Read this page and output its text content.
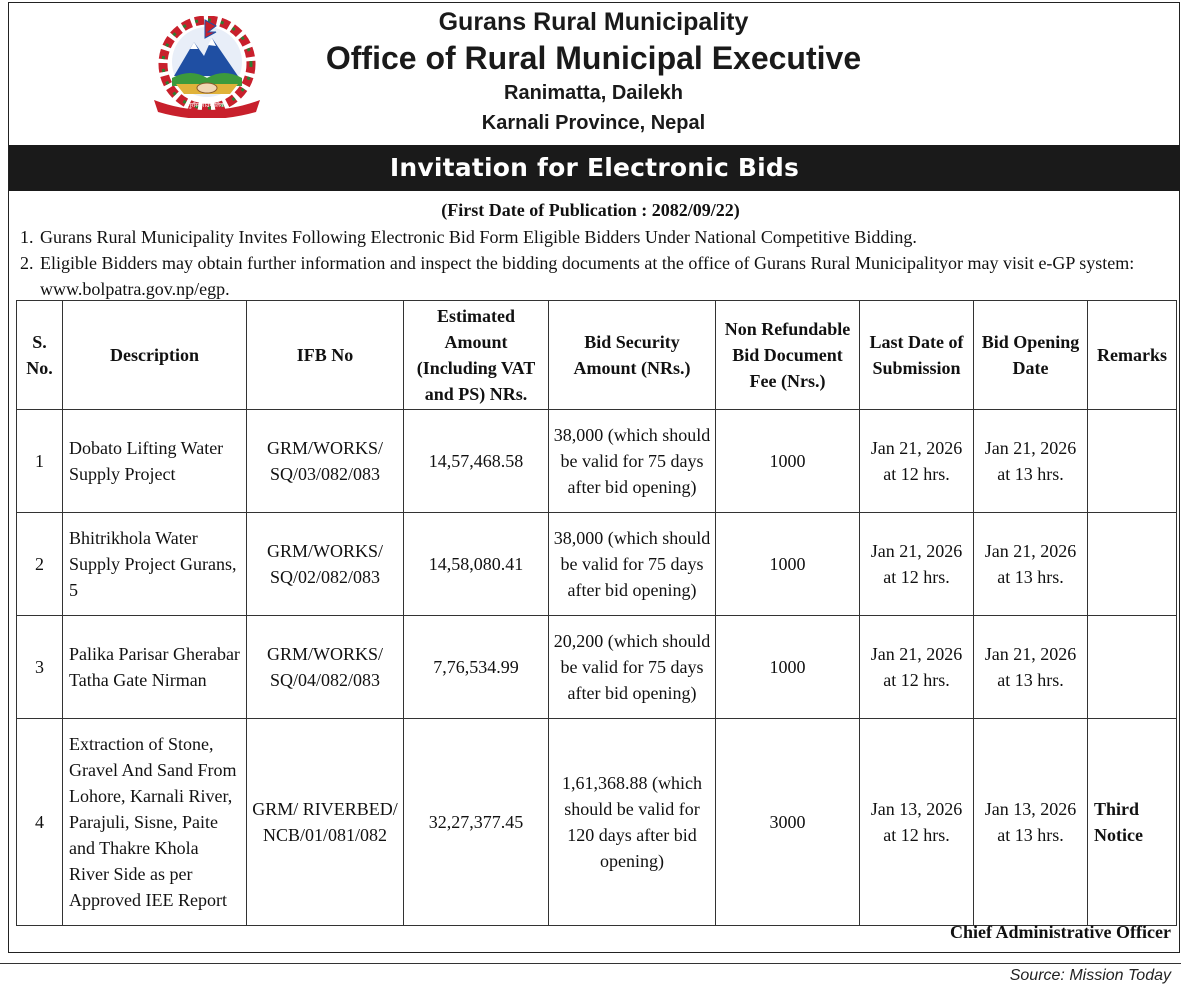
गुराँस गाउँपालिका
Gurans Rural Municipality
Office of Rural Municipal Executive
Ranimatta, Dailekh
Karnali Province, Nepal
Invitation for Electronic Bids
(First Date of Publication : 2082/09/22)
1. Gurans Rural Municipality Invites Following Electronic Bid Form Eligible Bidders Under National Competitive Bidding.
2. Eligible Bidders may obtain further information and inspect the bidding documents at the office of Gurans Rural Municipalityor may visit e-GP system: www.bolpatra.gov.np/egp.
S. No.	Description	IFB No	Estimated Amount (Including VAT and PS) NRs.	Bid Security Amount (NRs.)	Non Refundable Bid Document Fee (Nrs.)	Last Date of Submission	Bid Opening Date	Remarks
1	Dobato Lifting Water Supply Project	GRM/WORKS/ SQ/03/082/083	14,57,468.58	38,000 (which should be valid for 75 days after bid opening)	1000	Jan 21, 2026 at 12 hrs.	Jan 21, 2026 at 13 hrs.	
2	Bhitrikhola Water Supply Project Gurans, 5	GRM/WORKS/ SQ/02/082/083	14,58,080.41	38,000 (which should be valid for 75 days after bid opening)	1000	Jan 21, 2026 at 12 hrs.	Jan 21, 2026 at 13 hrs.	
3	Palika Parisar Gherabar Tatha Gate Nirman	GRM/WORKS/ SQ/04/082/083	7,76,534.99	20,200 (which should be valid for 75 days after bid opening)	1000	Jan 21, 2026 at 12 hrs.	Jan 21, 2026 at 13 hrs.	
4	Extraction of Stone, Gravel And Sand From Lohore, Karnali River, Parajuli, Sisne, Paite and Thakre Khola River Side as per Approved IEE Report	GRM/ RIVERBED/ NCB/01/081/082	32,27,377.45	1,61,368.88 (which should be valid for 120 days after bid opening)	3000	Jan 13, 2026 at 12 hrs.	Jan 13, 2026 at 13 hrs.	Third Notice
Chief Administrative Officer
Source: Mission Today
